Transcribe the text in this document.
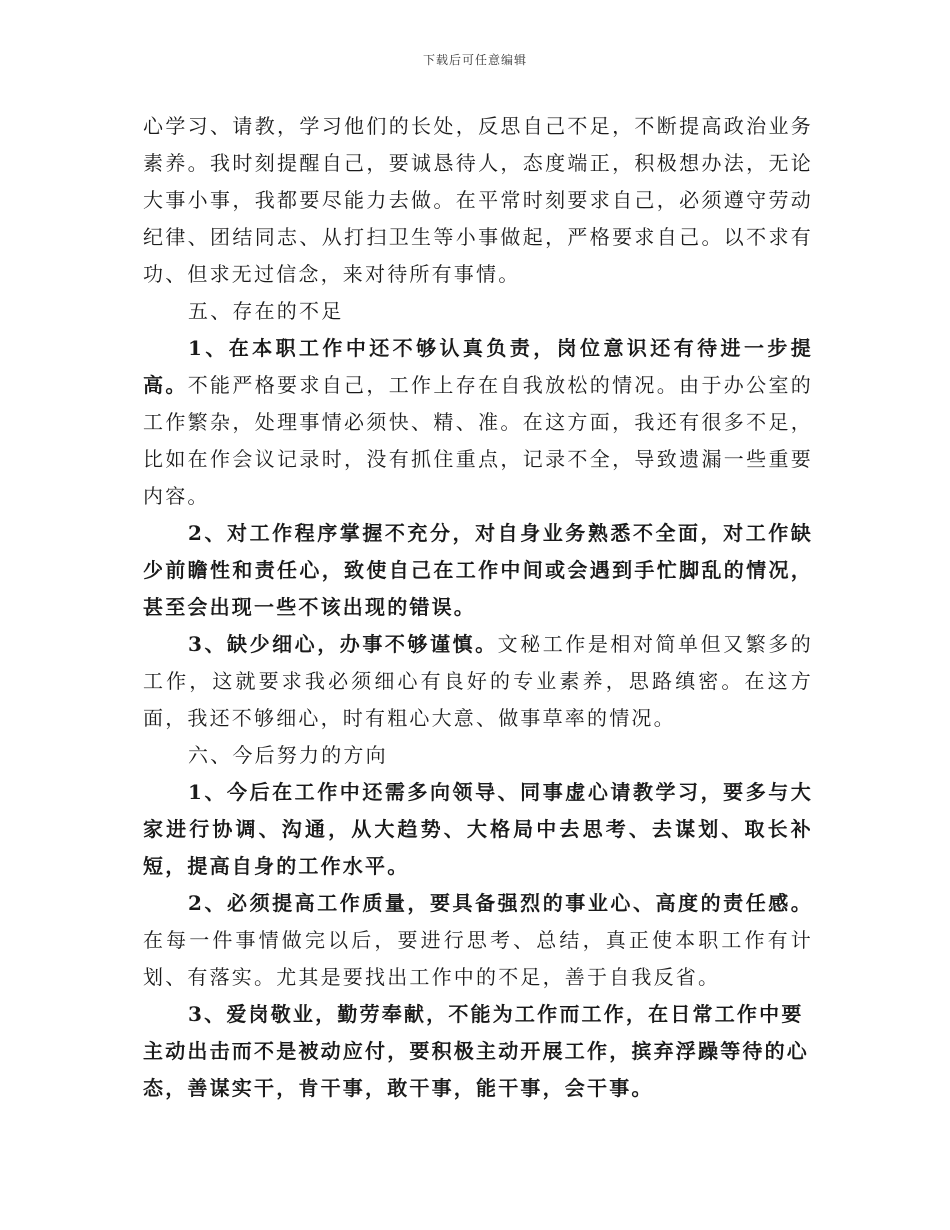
下载后可任意编辑

心学习、请教，学习他们的长处，反思自己不足，不断提高政治业务素养。我时刻提醒自己，要诚恳待人，态度端正，积极想办法，无论大事小事，我都要尽能力去做。在平常时刻要求自己，必须遵守劳动纪律、团结同志、从打扫卫生等小事做起，严格要求自己。以不求有功、但求无过信念，来对待所有事情。

五、存在的不足

1、在本职工作中还不够认真负责，岗位意识还有待进一步提高。不能严格要求自己，工作上存在自我放松的情况。由于办公室的工作繁杂，处理事情必须快、精、准。在这方面，我还有很多不足，比如在作会议记录时，没有抓住重点，记录不全，导致遗漏一些重要内容。

2、对工作程序掌握不充分，对自身业务熟悉不全面，对工作缺少前瞻性和责任心，致使自己在工作中间或会遇到手忙脚乱的情况，甚至会出现一些不该出现的错误。

3、缺少细心，办事不够谨慎。文秘工作是相对简单但又繁多的工作，这就要求我必须细心有良好的专业素养，思路缜密。在这方面，我还不够细心，时有粗心大意、做事草率的情况。

六、今后努力的方向

1、今后在工作中还需多向领导、同事虚心请教学习，要多与大家进行协调、沟通，从大趋势、大格局中去思考、去谋划、取长补短，提高自身的工作水平。

2、必须提高工作质量，要具备强烈的事业心、高度的责任感。在每一件事情做完以后，要进行思考、总结，真正使本职工作有计划、有落实。尤其是要找出工作中的不足，善于自我反省。

3、爱岗敬业，勤劳奉献，不能为工作而工作，在日常工作中要主动出击而不是被动应付，要积极主动开展工作，摈弃浮躁等待的心态，善谋实干，肯干事，敢干事，能干事，会干事。
